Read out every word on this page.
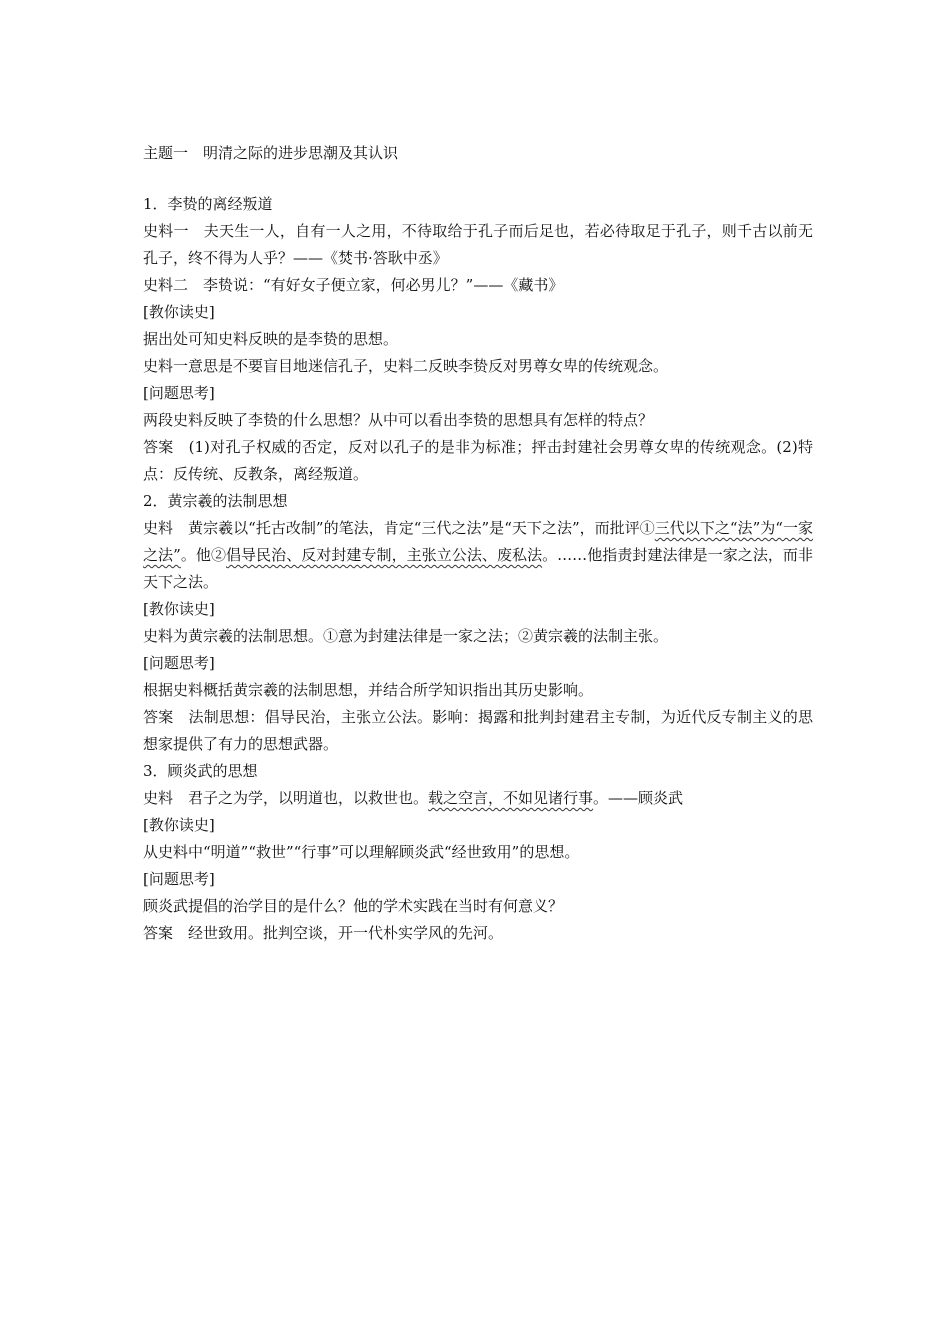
主题一　明清之际的进步思潮及其认识
1．李贽的离经叛道
史料一 夫天生一人，自有一人之用，不待取给于孔子而后足也，若必待取足于孔子，则千古以前无孔子，终不得为人乎？——《焚书·答耿中丞》
史料二 李贽说：“有好女子便立家，何必男儿？”——《藏书》
[教你读史]
据出处可知史料反映的是李贽的思想。
史料一意思是不要盲目地迷信孔子，史料二反映李贽反对男尊女卑的传统观念。
[问题思考]
两段史料反映了李贽的什么思想？从中可以看出李贽的思想具有怎样的特点？
答案 (1)对孔子权威的否定，反对以孔子的是非为标准；抨击封建社会男尊女卑的传统观念。(2)特点：反传统、反教条，离经叛道。
2．黄宗羲的法制思想
史料 黄宗羲以“托古改制”的笔法，肯定“三代之法”是“天下之法”，而批评①三代以下之“法”为“一家之法”。他②倡导民治、反对封建专制，主张立公法、废私法。……他指责封建法律是一家之法，而非天下之法。
[教你读史]
史料为黄宗羲的法制思想。①意为封建法律是一家之法；②黄宗羲的法制主张。
[问题思考]
根据史料概括黄宗羲的法制思想，并结合所学知识指出其历史影响。
答案 法制思想：倡导民治，主张立公法。影响：揭露和批判封建君主专制，为近代反专制主义的思想家提供了有力的思想武器。
3．顾炎武的思想
史料 君子之为学，以明道也，以救世也。载之空言，不如见诸行事。——顾炎武
[教你读史]
从史料中“明道”“救世”“行事”可以理解顾炎武“经世致用”的思想。
[问题思考]
顾炎武提倡的治学目的是什么？他的学术实践在当时有何意义？
答案 经世致用。批判空谈，开一代朴实学风的先河。
